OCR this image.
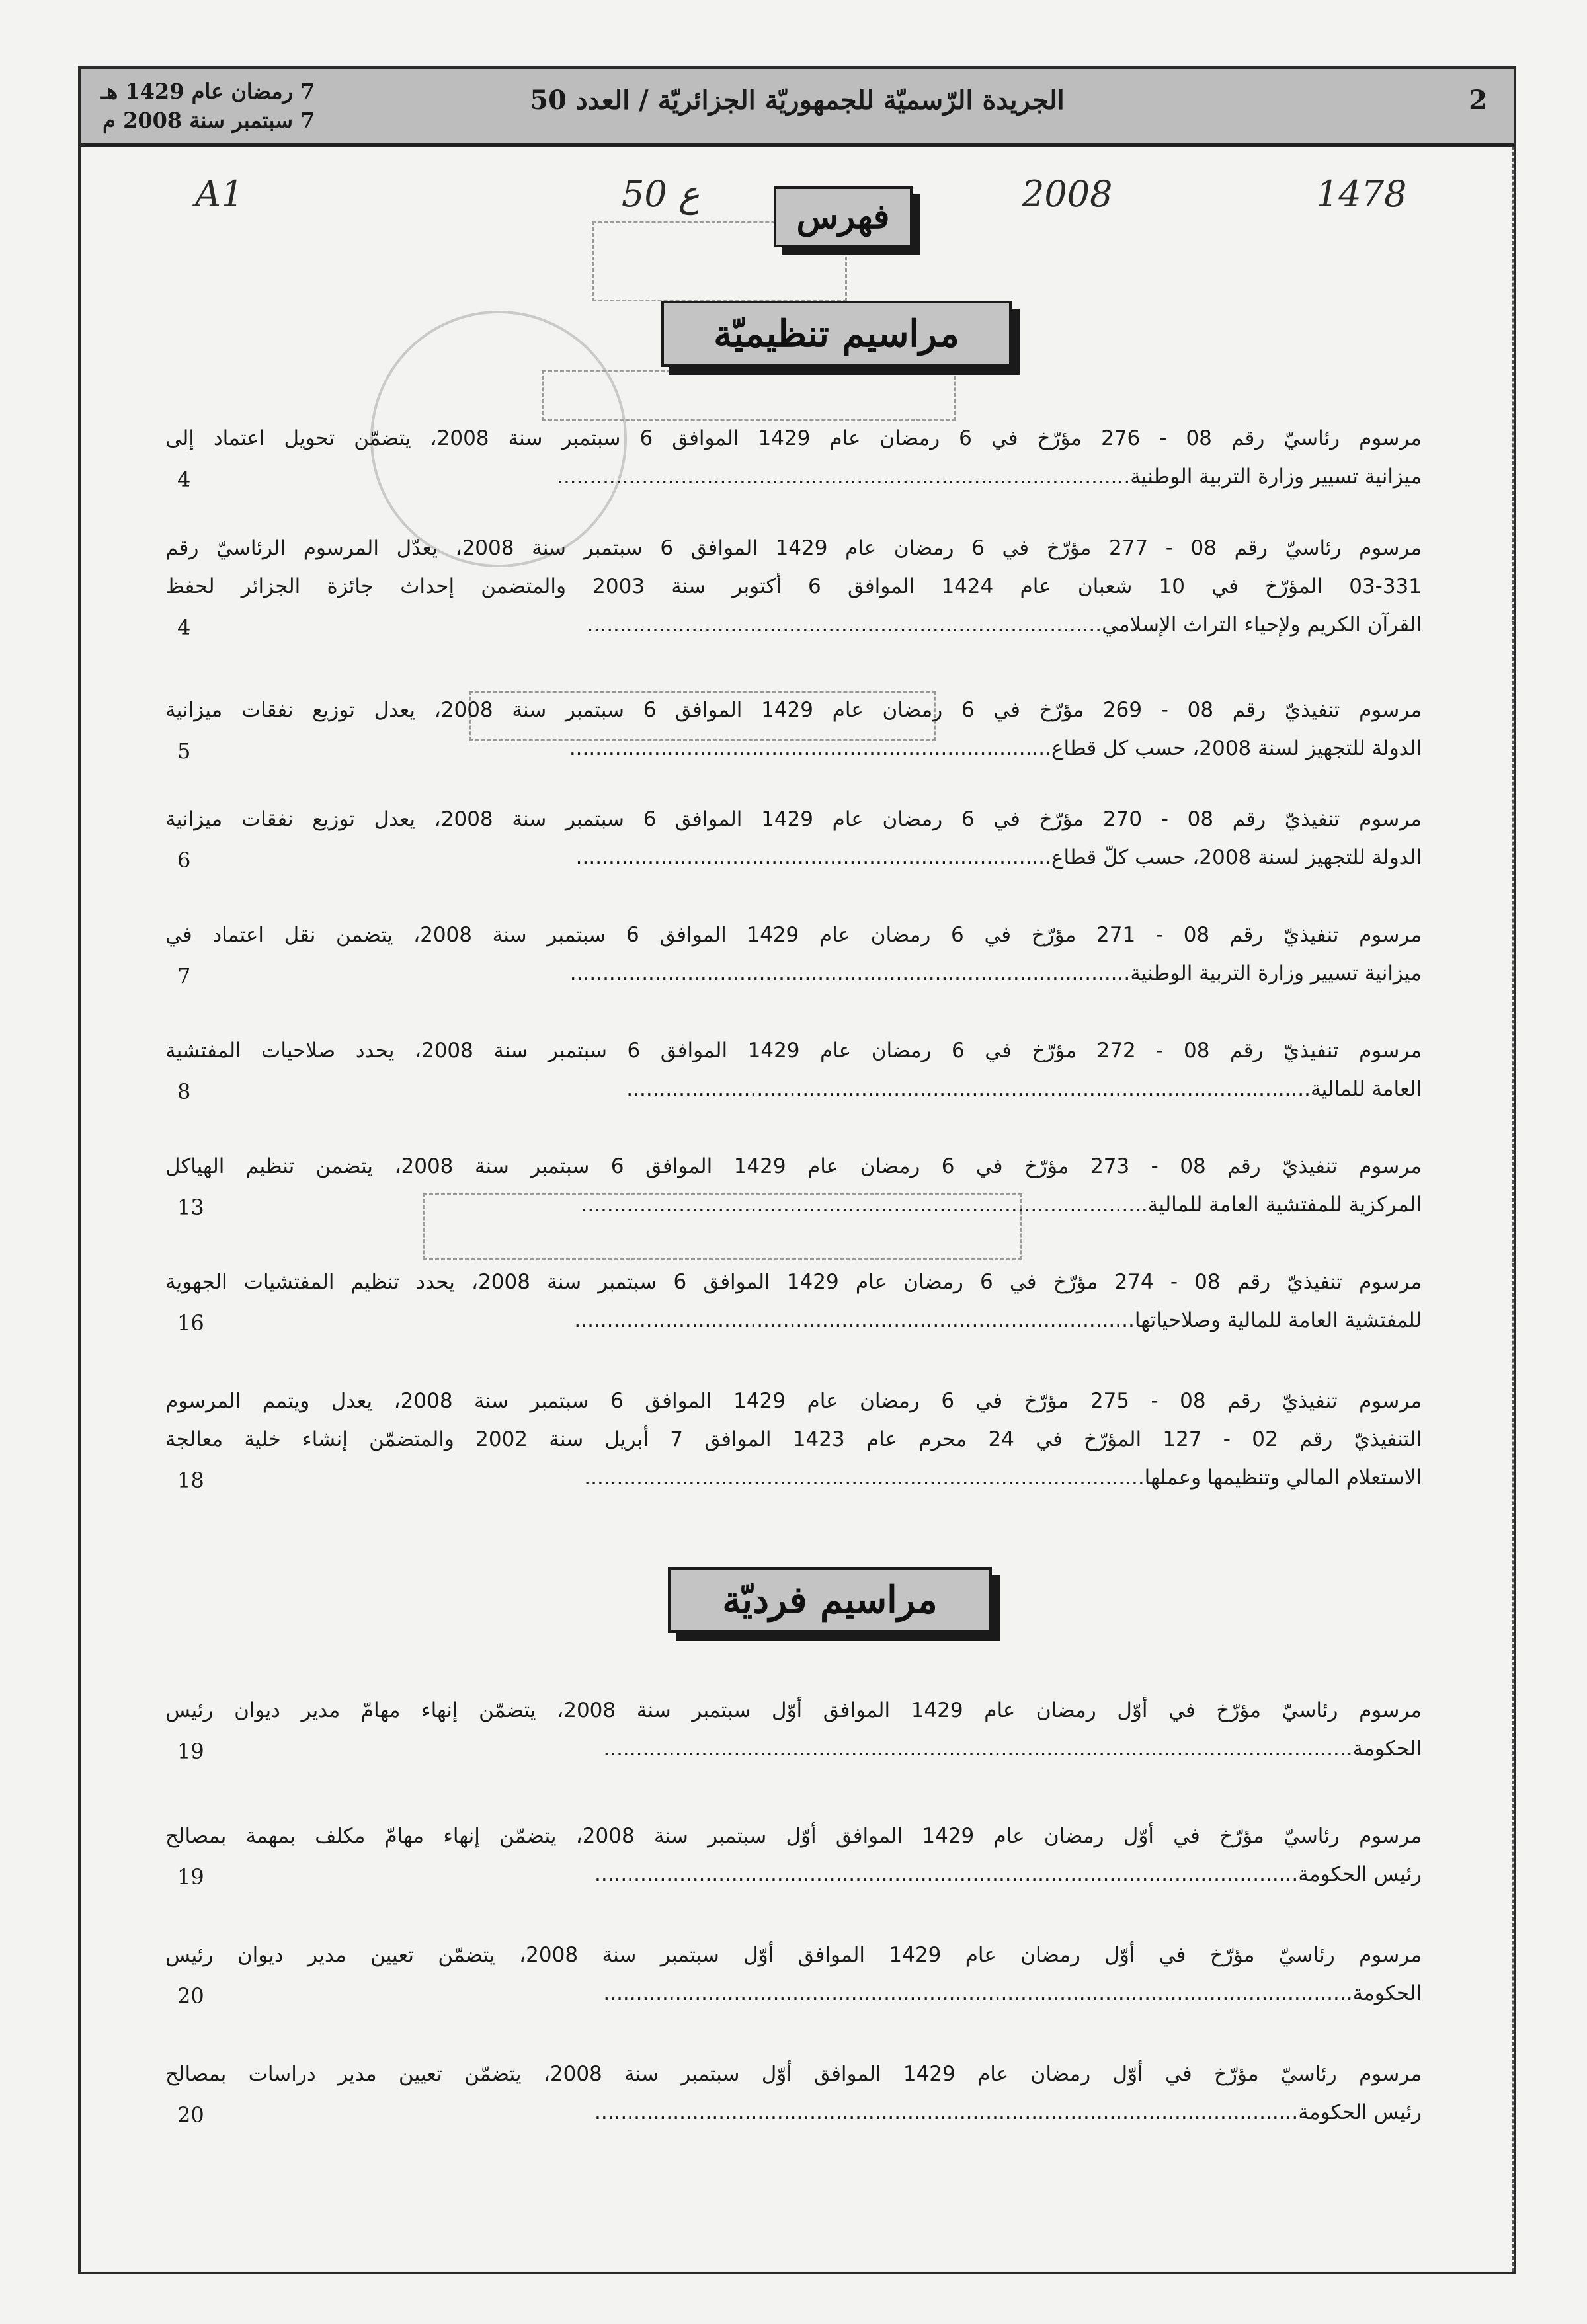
2
الجريدة الرّسميّة للجمهوريّة الجزائريّة / العدد 50
7 رمضان عام 1429 هـ
7 سبتمبر سنة 2008 م
A1	50 ع	2008	1478
فهرس
مراسيم تنظيميّة
مراسيم فرديّة
مرسوم رئاسيّ رقم 08 - 276 مؤرّخ في 6 رمضان عام 1429 الموافق 6 سبتمبر سنة 2008، يتضمّن تحويل اعتماد إلى
ميزانية تسيير وزارة التربية الوطنية........................................................................................
4
مرسوم رئاسيّ رقم 08 - 277 مؤرّخ في 6 رمضان عام 1429 الموافق 6 سبتمبر سنة 2008، يعدّل المرسوم الرئاسيّ رقم
03-331 المؤرّخ في 10 شعبان عام 1424 الموافق 6 أكتوبر سنة 2003 والمتضمن إحداث جائزة الجزائر لحفظ
القرآن الكريم ولإحياء التراث الإسلامي...............................................................................
4
مرسوم تنفيذيّ رقم 08 - 269 مؤرّخ في 6 رمضان عام 1429 الموافق 6 سبتمبر سنة 2008، يعدل توزيع نفقات ميزانية
الدولة للتجهيز لسنة 2008، حسب كل قطاع..........................................................................
5
مرسوم تنفيذيّ رقم 08 - 270 مؤرّخ في 6 رمضان عام 1429 الموافق 6 سبتمبر سنة 2008، يعدل توزيع نفقات ميزانية
الدولة للتجهيز لسنة 2008، حسب كلّ قطاع.........................................................................
6
مرسوم تنفيذيّ رقم 08 - 271 مؤرّخ في 6 رمضان عام 1429 الموافق 6 سبتمبر سنة 2008، يتضمن نقل اعتماد في
ميزانية تسيير وزارة التربية الوطنية......................................................................................
7
مرسوم تنفيذيّ رقم 08 - 272 مؤرّخ في 6 رمضان عام 1429 الموافق 6 سبتمبر سنة 2008، يحدد صلاحيات المفتشية
العامة للمالية.........................................................................................................
8
مرسوم تنفيذيّ رقم 08 - 273 مؤرّخ في 6 رمضان عام 1429 الموافق 6 سبتمبر سنة 2008، يتضمن تنظيم الهياكل
المركزية للمفتشية العامة للمالية.......................................................................................
13
مرسوم تنفيذيّ رقم 08 - 274 مؤرّخ في 6 رمضان عام 1429 الموافق 6 سبتمبر سنة 2008، يحدد تنظيم المفتشيات الجهوية
للمفتشية العامة للمالية وصلاحياتها......................................................................................
16
مرسوم تنفيذيّ رقم 08 - 275 مؤرّخ في 6 رمضان عام 1429 الموافق 6 سبتمبر سنة 2008، يعدل ويتمم المرسوم
التنفيذيّ رقم 02 - 127 المؤرّخ في 24 محرم عام 1423 الموافق 7 أبريل سنة 2002 والمتضمّن إنشاء خلية معالجة
الاستعلام المالي وتنظيمها وعملها......................................................................................
18
مرسوم رئاسيّ مؤرّخ في أوّل رمضان عام 1429 الموافق أوّل سبتمبر سنة 2008، يتضمّن إنهاء مهامّ مدير ديوان رئيس
الحكومة...................................................................................................................
19
مرسوم رئاسيّ مؤرّخ في أوّل رمضان عام 1429 الموافق أوّل سبتمبر سنة 2008، يتضمّن إنهاء مهامّ مكلف بمهمة بمصالح
رئيس الحكومة............................................................................................................
19
مرسوم رئاسيّ مؤرّخ في أوّل رمضان عام 1429 الموافق أوّل سبتمبر سنة 2008، يتضمّن تعيين مدير ديوان رئيس
الحكومة...................................................................................................................
20
مرسوم رئاسيّ مؤرّخ في أوّل رمضان عام 1429 الموافق أوّل سبتمبر سنة 2008، يتضمّن تعيين مدير دراسات بمصالح
رئيس الحكومة............................................................................................................
20
